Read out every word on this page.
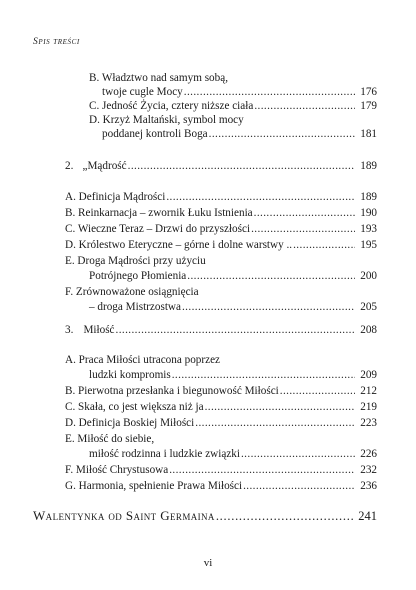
Spis treści
B. Władztwo nad samym sobą,
twoje cugle Mocy . . .	176
C. Jedność Życia, cztery niższe ciała . . .	179
D. Krzyż Maltański, symbol mocy
poddanej kontroli Boga . . .	181
2. „Mądrość . . .	189
A. Definicja Mądrości . . .	189
B. Reinkarnacja – zwornik Łuku Istnienia . . .	190
C. Wieczne Teraz – Drzwi do przyszłości . . .	193
D. Królestwo Eteryczne – górne i dolne warstwy .. . . .	195
E. Droga Mądrości przy użyciu
Potrójnego Płomienia . . .	200
F. Zrównoważone osiągnięcia
– droga Mistrzostwa . . .	205
3. Miłość . . .	208
A. Praca Miłości utracona poprzez
ludzki kompromis . . .	209
B. Pierwotna przesłanka i biegunowość Miłości . . .	212
C. Skała, co jest większa niż ja . . .	219
D. Definicja Boskiej Miłości . . .	223
E. Miłość do siebie,
miłość rodzinna i ludzkie związki . . .	226
F. Miłość Chrystusowa . . .	232
G. Harmonia, spełnienie Prawa Miłości . . .	236
Walentynka od Saint Germaina . . .	241
vi
